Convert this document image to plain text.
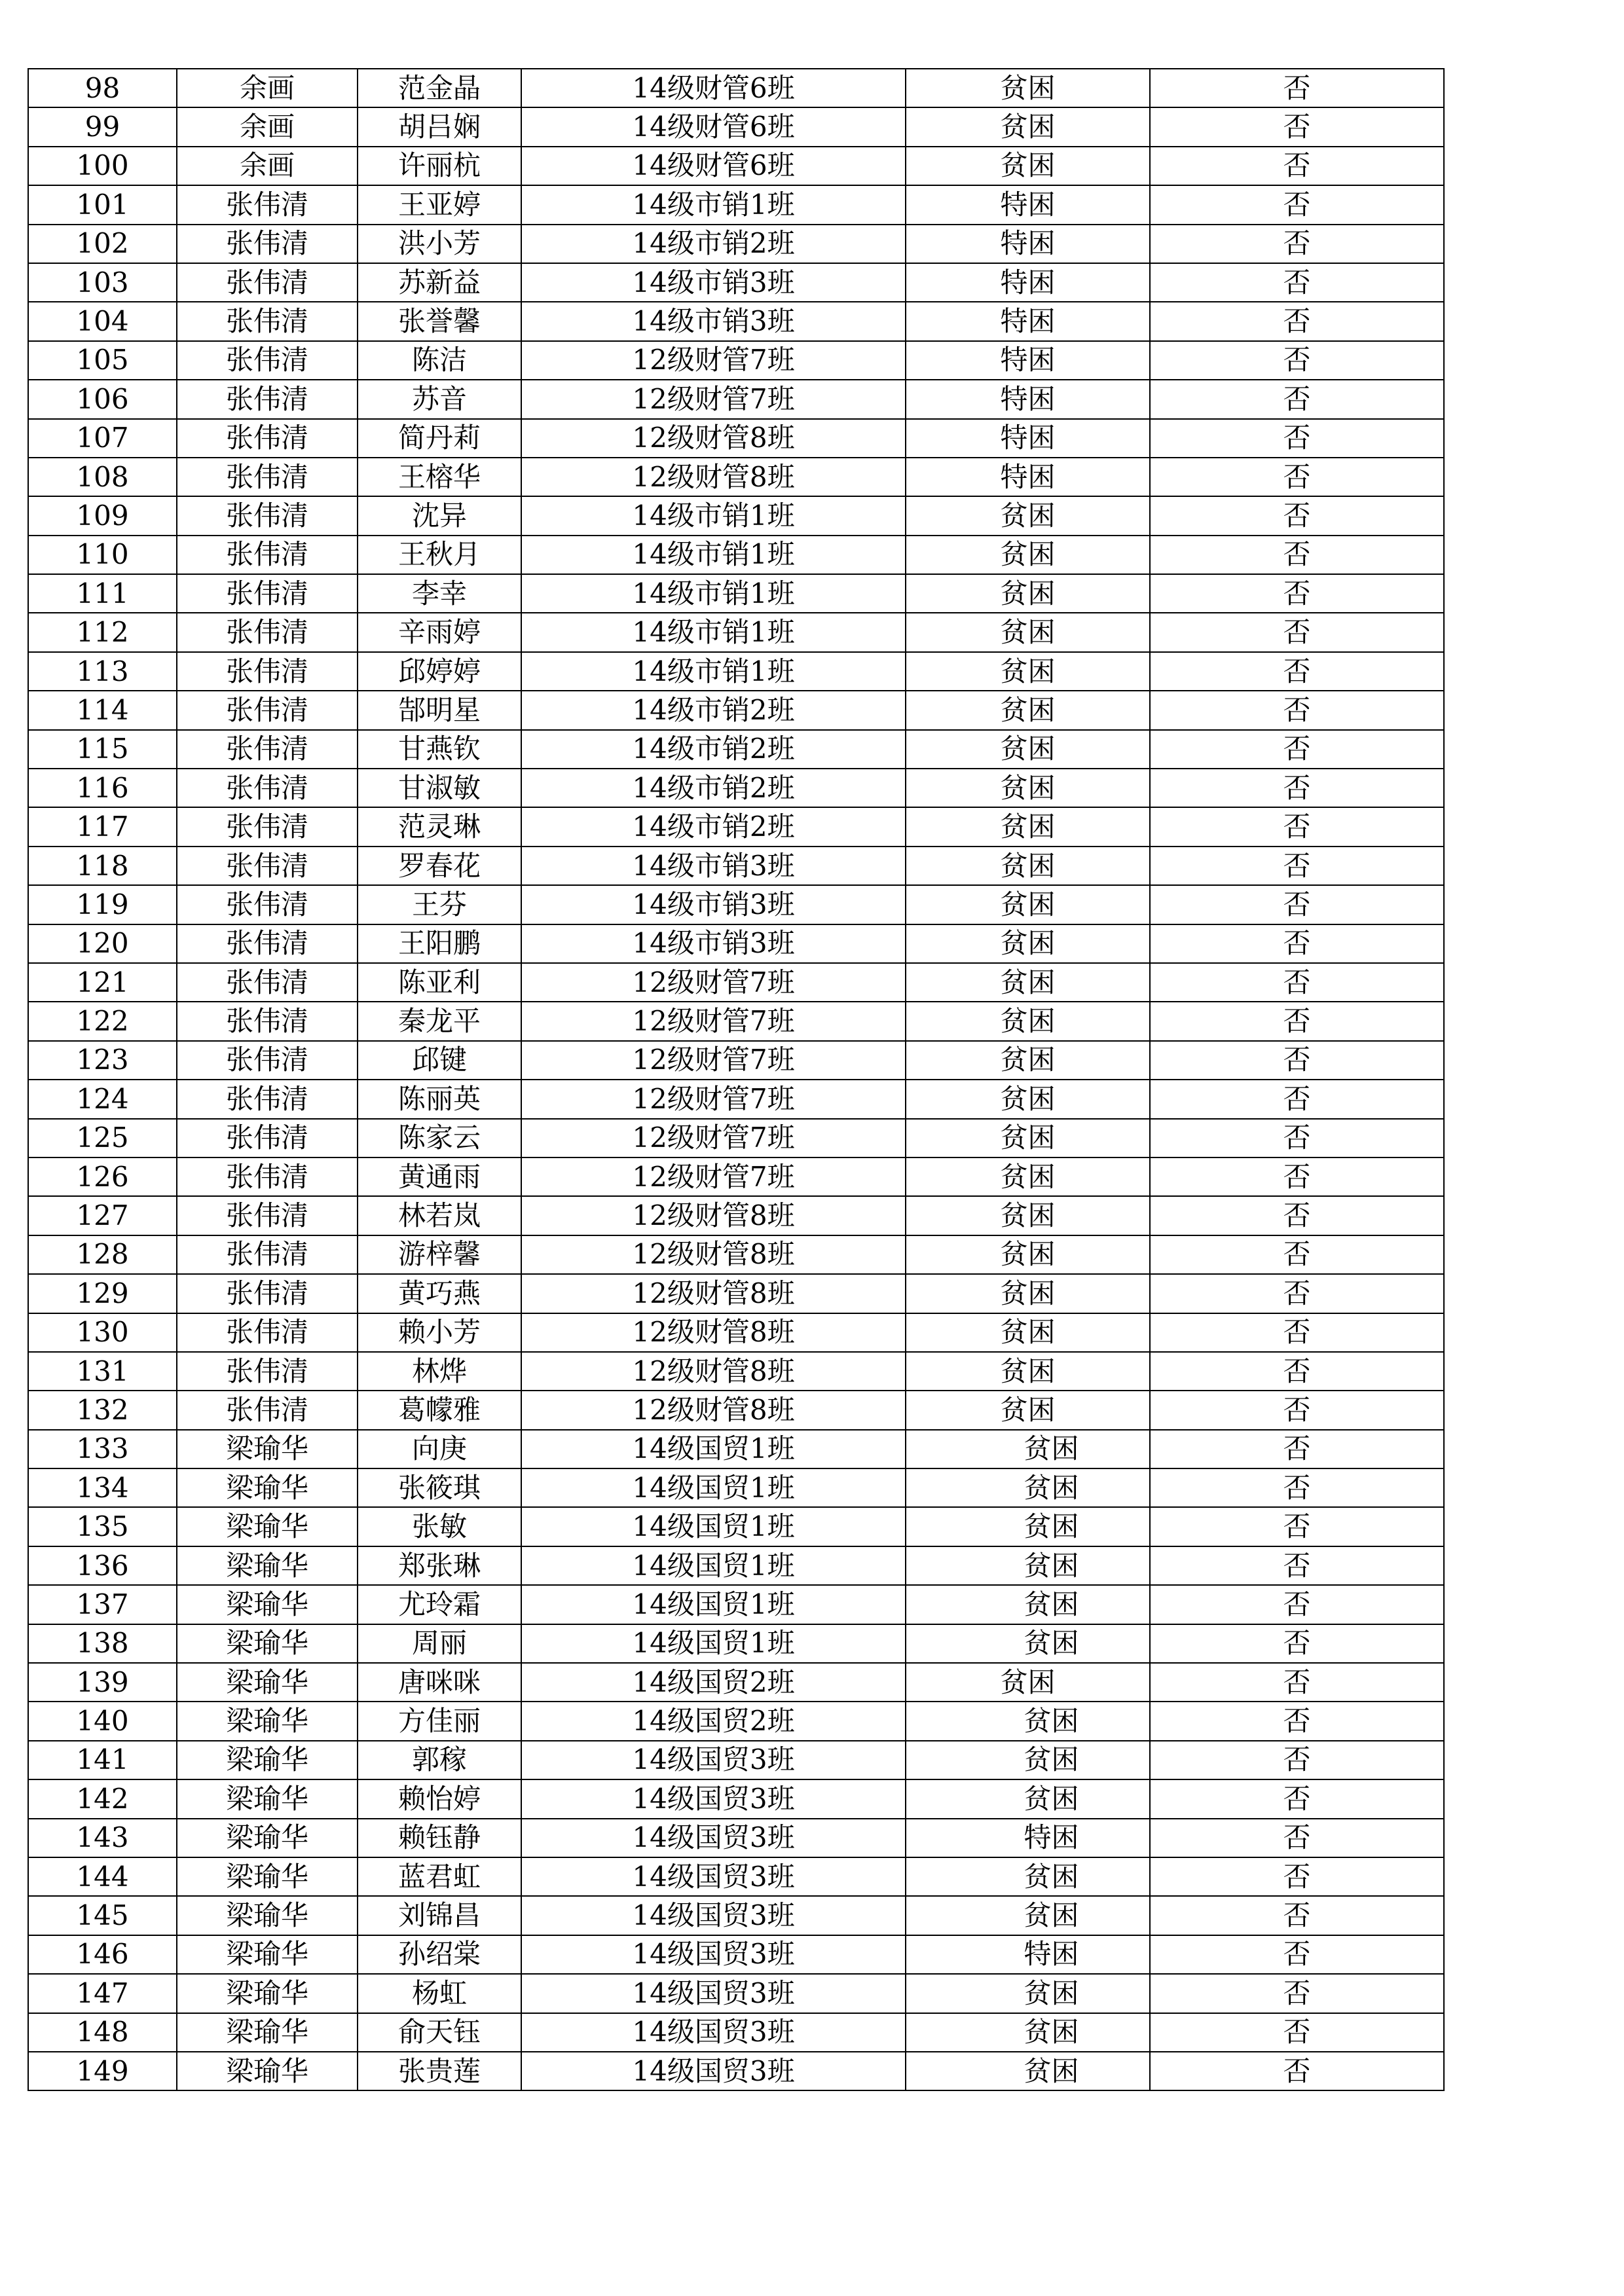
98	余画	范金晶	14级财管6班	贫困	否
99	余画	胡吕娴	14级财管6班	贫困	否
100	余画	许丽杭	14级财管6班	贫困	否
101	张伟清	王亚婷	14级市销1班	特困	否
102	张伟清	洪小芳	14级市销2班	特困	否
103	张伟清	苏新益	14级市销3班	特困	否
104	张伟清	张誉馨	14级市销3班	特困	否
105	张伟清	陈洁	12级财管7班	特困	否
106	张伟清	苏音	12级财管7班	特困	否
107	张伟清	简丹莉	12级财管8班	特困	否
108	张伟清	王榕华	12级财管8班	特困	否
109	张伟清	沈异	14级市销1班	贫困	否
110	张伟清	王秋月	14级市销1班	贫困	否
111	张伟清	李幸	14级市销1班	贫困	否
112	张伟清	辛雨婷	14级市销1班	贫困	否
113	张伟清	邱婷婷	14级市销1班	贫困	否
114	张伟清	郜明星	14级市销2班	贫困	否
115	张伟清	甘燕钦	14级市销2班	贫困	否
116	张伟清	甘淑敏	14级市销2班	贫困	否
117	张伟清	范灵琳	14级市销2班	贫困	否
118	张伟清	罗春花	14级市销3班	贫困	否
119	张伟清	王芬	14级市销3班	贫困	否
120	张伟清	王阳鹏	14级市销3班	贫困	否
121	张伟清	陈亚利	12级财管7班	贫困	否
122	张伟清	秦龙平	12级财管7班	贫困	否
123	张伟清	邱键	12级财管7班	贫困	否
124	张伟清	陈丽英	12级财管7班	贫困	否
125	张伟清	陈家云	12级财管7班	贫困	否
126	张伟清	黄通雨	12级财管7班	贫困	否
127	张伟清	林若岚	12级财管8班	贫困	否
128	张伟清	游梓馨	12级财管8班	贫困	否
129	张伟清	黄巧燕	12级财管8班	贫困	否
130	张伟清	赖小芳	12级财管8班	贫困	否
131	张伟清	林烨	12级财管8班	贫困	否
132	张伟清	葛幪雅	12级财管8班	贫困	否
133	梁瑜华	向庚	14级国贸1班	贫困	否
134	梁瑜华	张筱琪	14级国贸1班	贫困	否
135	梁瑜华	张敏	14级国贸1班	贫困	否
136	梁瑜华	郑张琳	14级国贸1班	贫困	否
137	梁瑜华	尤玲霜	14级国贸1班	贫困	否
138	梁瑜华	周丽	14级国贸1班	贫困	否
139	梁瑜华	唐咪咪	14级国贸2班	贫困	否
140	梁瑜华	方佳丽	14级国贸2班	贫困	否
141	梁瑜华	郭稼	14级国贸3班	贫困	否
142	梁瑜华	赖怡婷	14级国贸3班	贫困	否
143	梁瑜华	赖钰静	14级国贸3班	特困	否
144	梁瑜华	蓝君虹	14级国贸3班	贫困	否
145	梁瑜华	刘锦昌	14级国贸3班	贫困	否
146	梁瑜华	孙绍棠	14级国贸3班	特困	否
147	梁瑜华	杨虹	14级国贸3班	贫困	否
148	梁瑜华	俞天钰	14级国贸3班	贫困	否
149	梁瑜华	张贵莲	14级国贸3班	贫困	否
